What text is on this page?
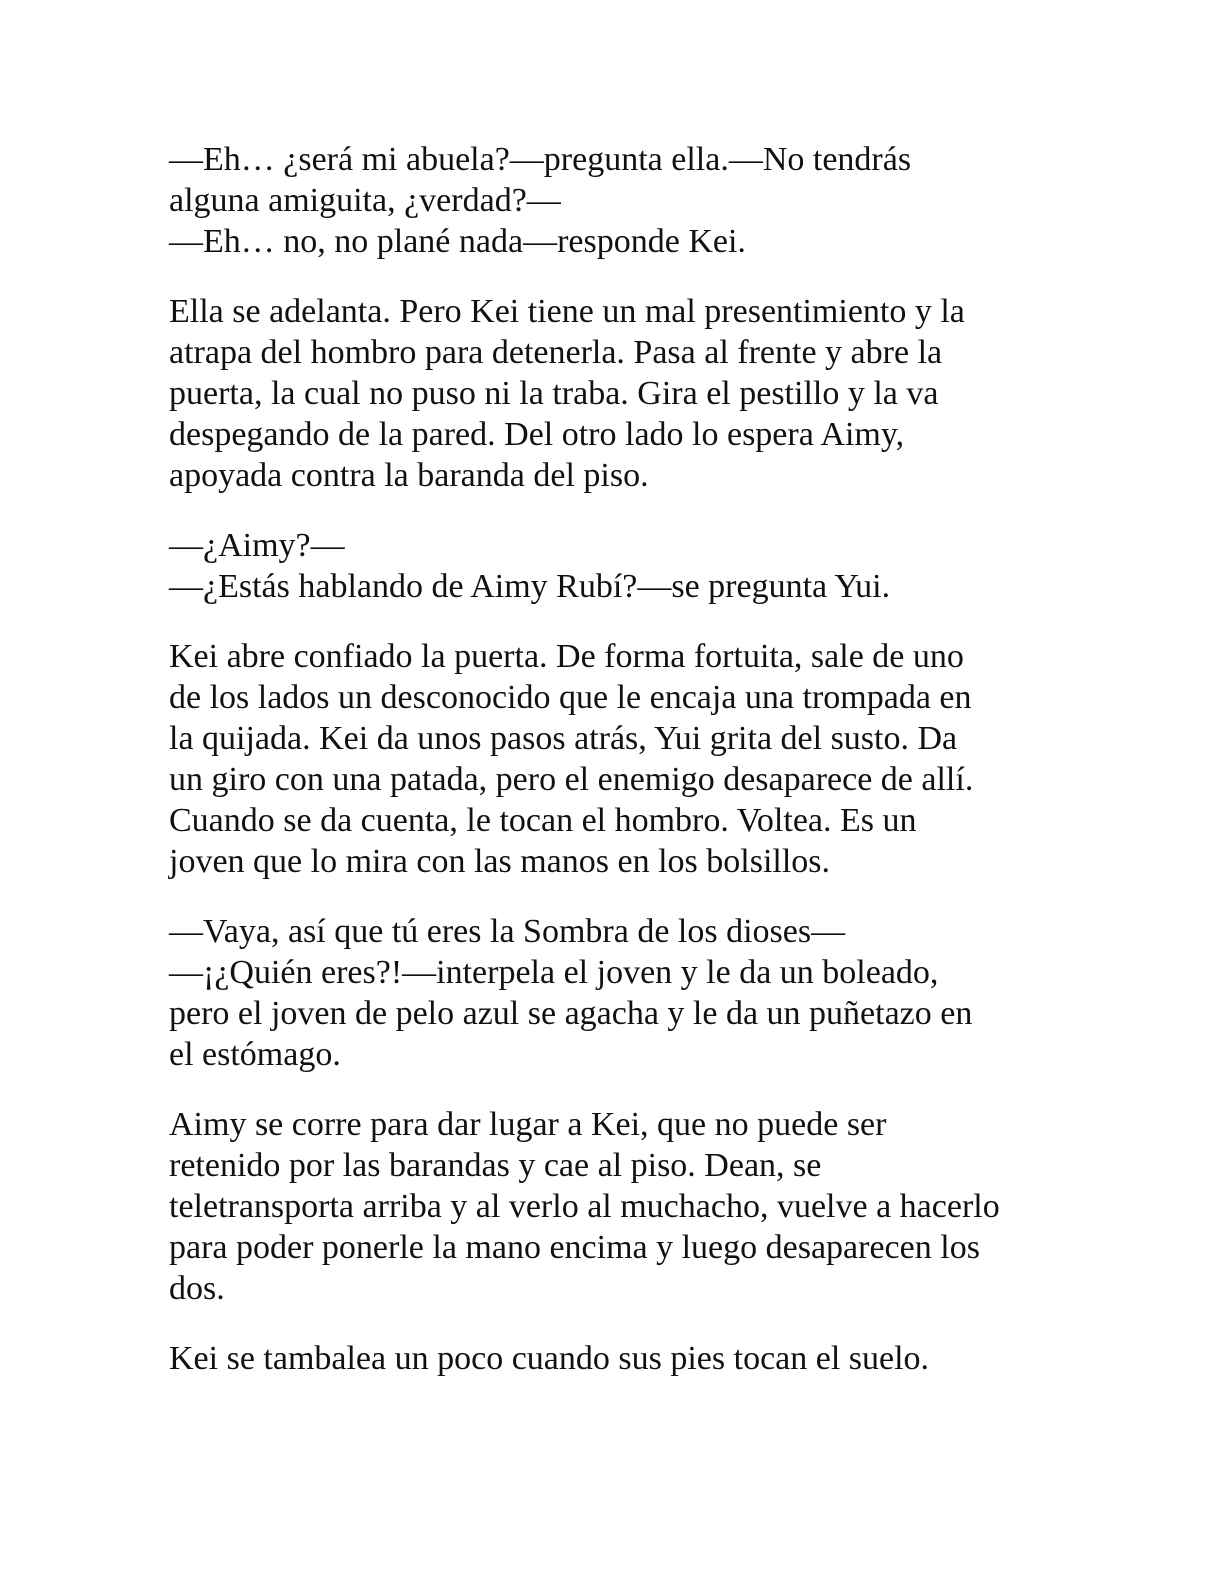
—Eh… ¿será mi abuela?—pregunta ella.—No tendrás
alguna amiguita, ¿verdad?—
—Eh… no, no plané nada—responde Kei.
Ella se adelanta. Pero Kei tiene un mal presentimiento y la
atrapa del hombro para detenerla. Pasa al frente y abre la
puerta, la cual no puso ni la traba. Gira el pestillo y la va
despegando de la pared. Del otro lado lo espera Aimy,
apoyada contra la baranda del piso.
—¿Aimy?—
—¿Estás hablando de Aimy Rubí?—se pregunta Yui.
Kei abre confiado la puerta. De forma fortuita, sale de uno
de los lados un desconocido que le encaja una trompada en
la quijada. Kei da unos pasos atrás, Yui grita del susto. Da
un giro con una patada, pero el enemigo desaparece de allí.
Cuando se da cuenta, le tocan el hombro. Voltea. Es un
joven que lo mira con las manos en los bolsillos.
—Vaya, así que tú eres la Sombra de los dioses—
—¡¿Quién eres?!—interpela el joven y le da un boleado,
pero el joven de pelo azul se agacha y le da un puñetazo en
el estómago.
Aimy se corre para dar lugar a Kei, que no puede ser
retenido por las barandas y cae al piso. Dean, se
teletransporta arriba y al verlo al muchacho, vuelve a hacerlo
para poder ponerle la mano encima y luego desaparecen los
dos.
Kei se tambalea un poco cuando sus pies tocan el suelo.
